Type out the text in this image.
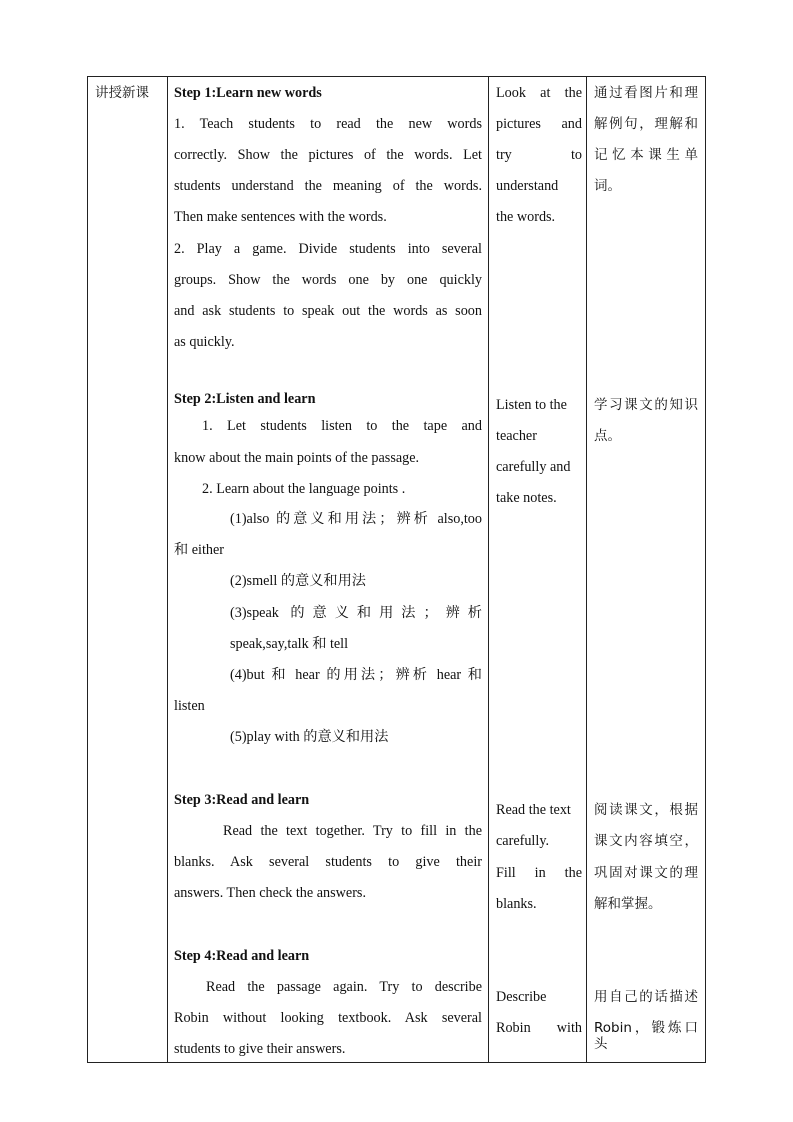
讲授新课 Step 1:Learn new words
1. Teach students to read the new words
correctly. Show the pictures of the words. Let
students understand the meaning of the words.
Then make sentences with the words.
2. Play a game. Divide students into several
groups. Show the words one by one quickly
and ask students to speak out the words as soon
as quickly.
Step 2:Listen and learn
1. Let students listen to the tape and
know about the main points of the passage.
2. Learn about the language points .
(1)also 的意义和用法；辨析 also,too
和 either
(2)smell 的意义和用法
(3)speak 的意义和用法；辨析
speak,say,talk 和 tell
(4)but 和 hear 的用法；辨析 hear 和
listen
(5)play with 的意义和用法
Step 3:Read and learn
Read the text together. Try to fill in the
blanks. Ask several students to give their
answers. Then check the answers.
Step 4:Read and learn
Read the passage again. Try to describe
Robin without looking textbook. Ask several
students to give their answers.
Look at the
pictures and
try to
understand
the words.
Listen to the
teacher
carefully and
take notes.
Read the text
carefully.
Fill in the
blanks.
Describe
Robin with
通过看图片和理
解例句，理解和
记忆本课生单
词。
学习课文的知识
点。
阅读课文，根据
课文内容填空，
巩固对课文的理
解和掌握。
用自己的话描述
Robin，锻炼口头
